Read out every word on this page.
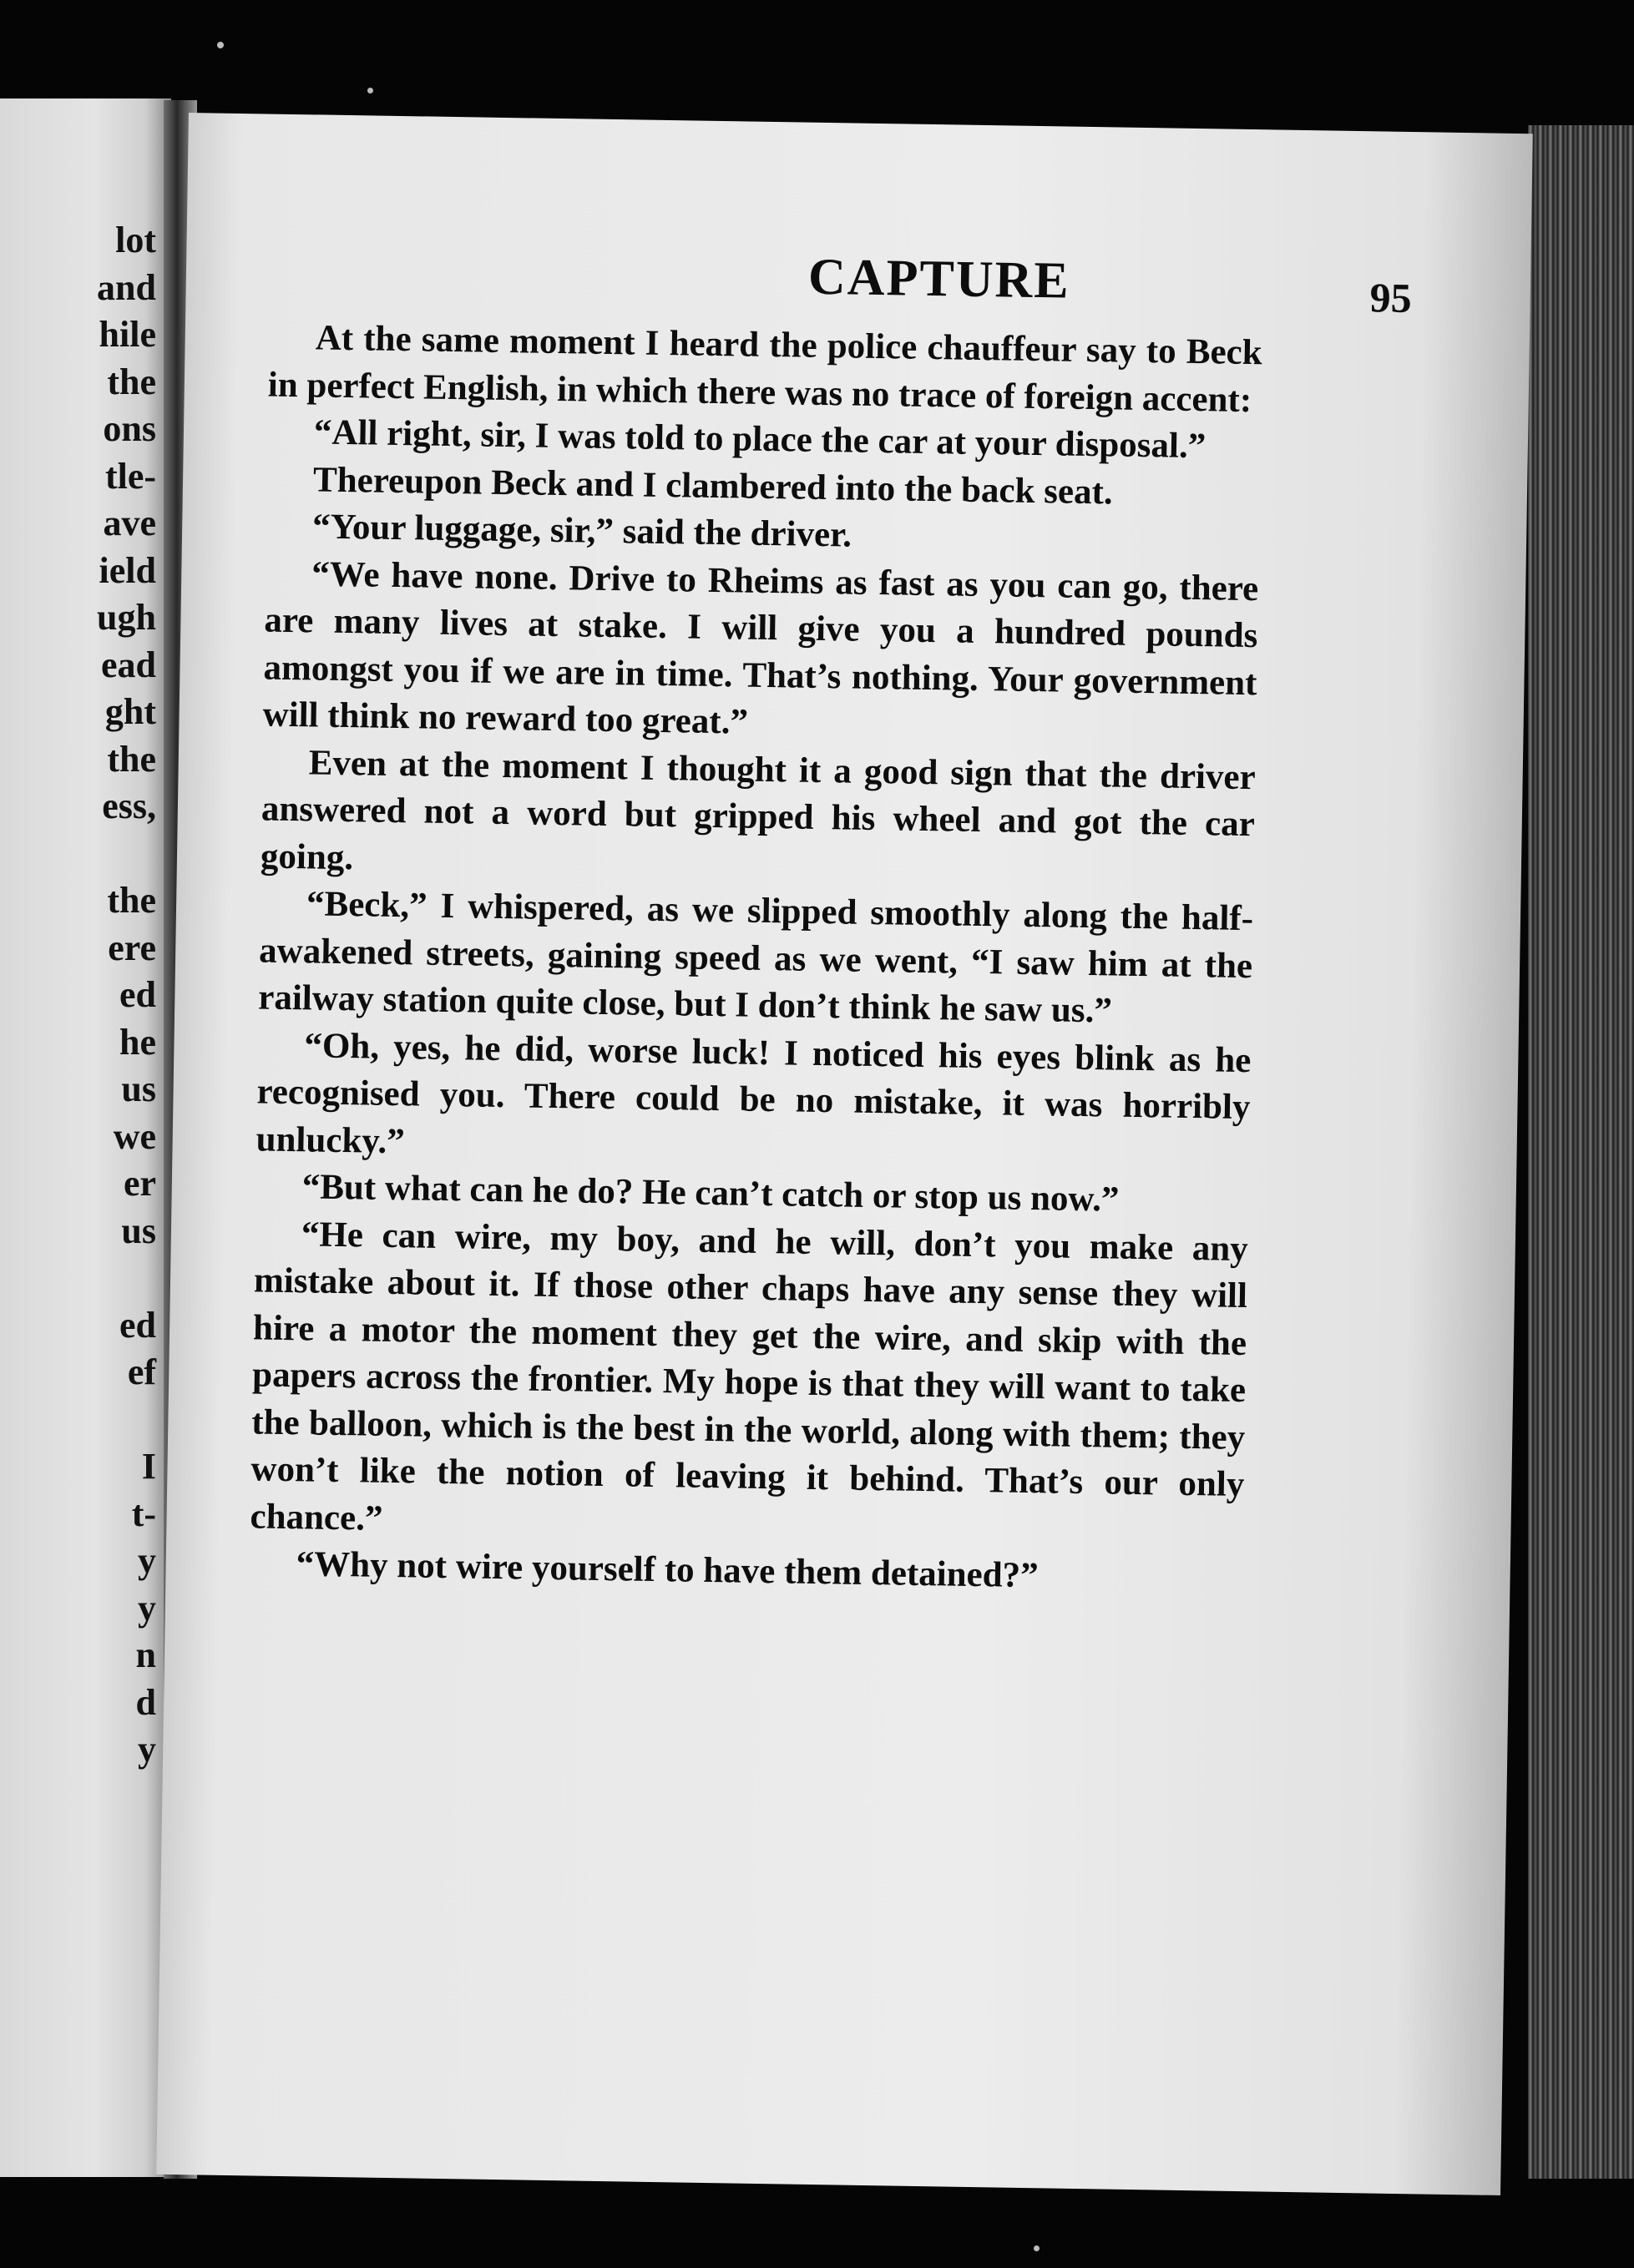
lot
and
hile
the
ons
tle-
ave
ield
ugh
ead
ght
the
ess,
the
ere
ed
he
us
we
er
us
ed
ef
I
t-
y
y
n
d
y
CAPTURE	95

At the same moment I heard the police chauffeur say to Beck in perfect English, in which there was no trace of foreign accent:

“All right, sir, I was told to place the car at your disposal.”

Thereupon Beck and I clambered into the back seat.

“Your luggage, sir,” said the driver.

“We have none. Drive to Rheims as fast as you can go, there are many lives at stake. I will give you a hundred pounds amongst you if we are in time. That’s nothing. Your government will think no reward too great.”

Even at the moment I thought it a good sign that the driver answered not a word but gripped his wheel and got the car going.

“Beck,” I whispered, as we slipped smoothly along the half-awakened streets, gaining speed as we went, “I saw him at the railway station quite close, but I don’t think he saw us.”

“Oh, yes, he did, worse luck! I noticed his eyes blink as he recognised you. There could be no mistake, it was horribly unlucky.”

“But what can he do? He can’t catch or stop us now.”

“He can wire, my boy, and he will, don’t you make any mistake about it. If those other chaps have any sense they will hire a motor the moment they get the wire, and skip with the papers across the frontier. My hope is that they will want to take the balloon, which is the best in the world, along with them; they won’t like the notion of leaving it behind. That’s our only chance.”

“Why not wire yourself to have them detained?”
